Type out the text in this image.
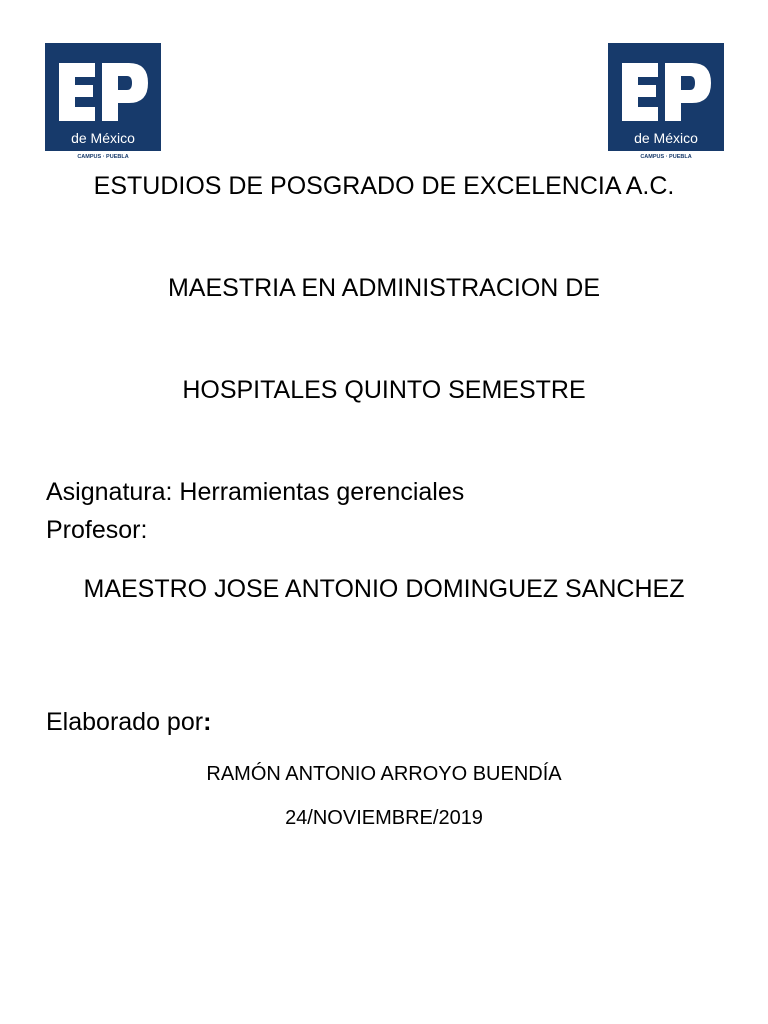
de México
CAMPUS · PUEBLA
de México
CAMPUS · PUEBLA
ESTUDIOS DE POSGRADO DE EXCELENCIA A.C.
MAESTRIA EN ADMINISTRACION DE
HOSPITALES QUINTO SEMESTRE
Asignatura: Herramientas gerenciales
Profesor:
MAESTRO JOSE ANTONIO DOMINGUEZ SANCHEZ
Elaborado por:
RAMÓN ANTONIO ARROYO BUENDÍA
24/NOVIEMBRE/2019
